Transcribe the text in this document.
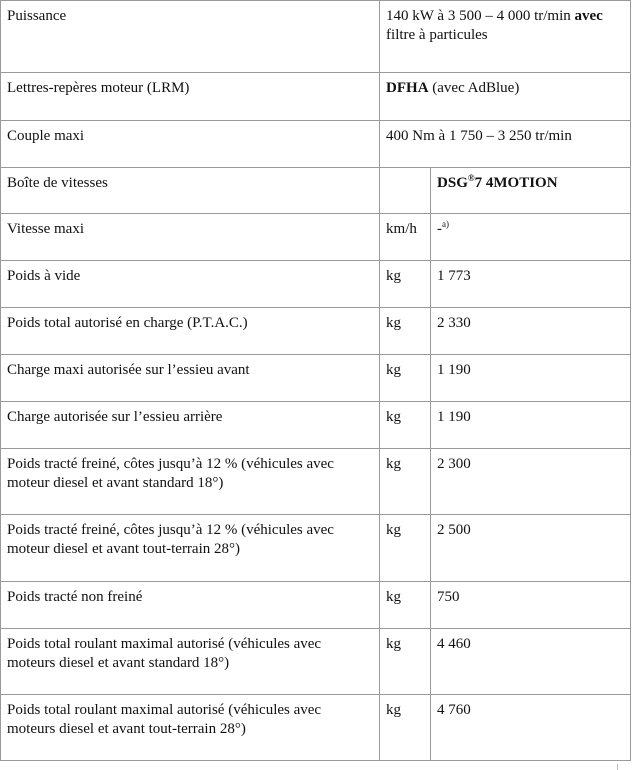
Puissance	140 kW à 3 500 – 4 000 tr/min avec
filtre à particules	
Lettres-repères moteur (LRM)	DFHA (avec AdBlue)	
Couple maxi	400 Nm à 1 750 – 3 250 tr/min	
Boîte de vitesses		DSG®7 4MOTION
Vitesse maxi	km/h	-$^{a)}$
Poids à vide	kg	1 773
Poids total autorisé en charge (P.T.A.C.)	kg	2 330
Charge maxi autorisée sur l’essieu avant	kg	1 190
Charge autorisée sur l’essieu arrière	kg	1 190
Poids tracté freiné, côtes jusqu’à 12 % (véhicules avec moteur diesel et avant standard 18°)	kg	2 300
Poids tracté freiné, côtes jusqu’à 12 % (véhicules avec moteur diesel et avant tout-terrain 28°)	kg	2 500
Poids tracté non freiné	kg	750
Poids total roulant maximal autorisé (véhicules avec moteurs diesel et avant standard 18°)	kg	4 460
Poids total roulant maximal autorisé (véhicules avec moteurs diesel et avant tout-terrain 28°)	kg	4 760
